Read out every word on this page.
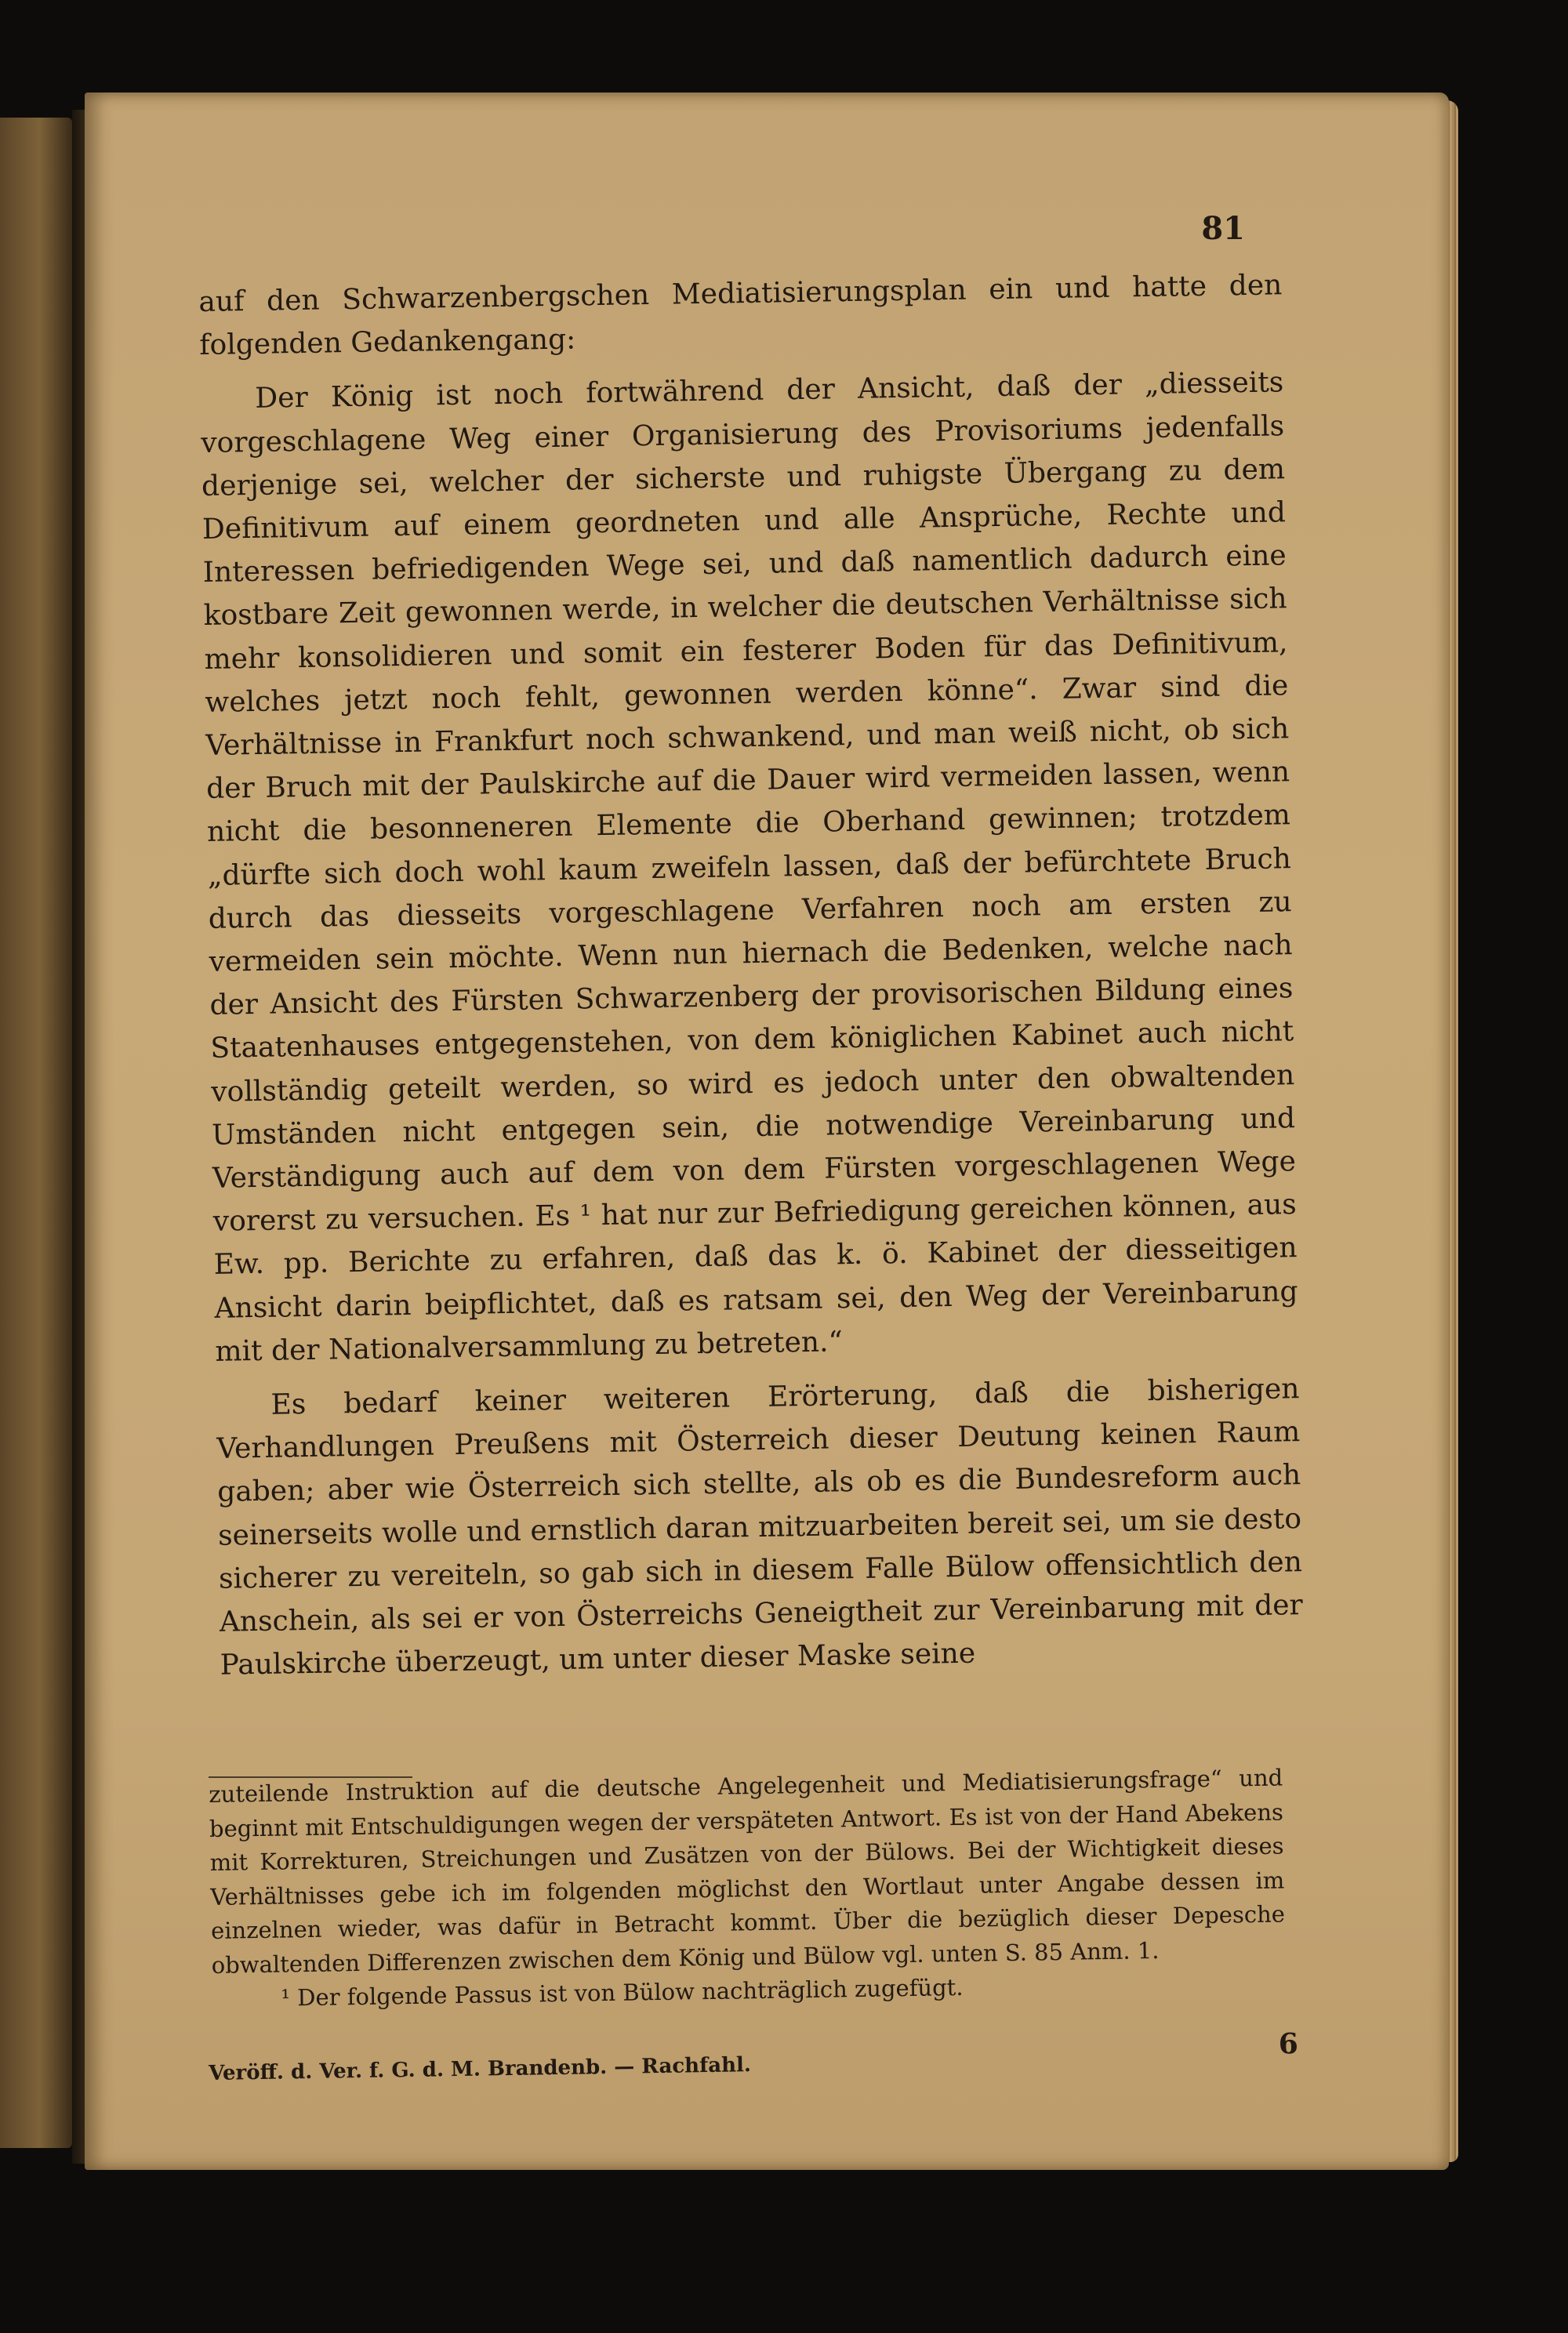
81

auf den Schwarzenbergschen Mediatisierungsplan ein und hatte den folgenden Gedankengang:

Der König ist noch fortwährend der Ansicht, daß der „diesseits vorgeschlagene Weg einer Organisierung des Provisoriums jedenfalls derjenige sei, welcher der sicherste und ruhigste Übergang zu dem Definitivum auf einem geordneten und alle Ansprüche, Rechte und Interessen befriedigenden Wege sei, und daß namentlich dadurch eine kostbare Zeit gewonnen werde, in welcher die deutschen Verhältnisse sich mehr konsolidieren und somit ein festerer Boden für das Definitivum, welches jetzt noch fehlt, gewonnen werden könne“. Zwar sind die Verhältnisse in Frankfurt noch schwankend, und man weiß nicht, ob sich der Bruch mit der Paulskirche auf die Dauer wird vermeiden lassen, wenn nicht die besonneneren Elemente die Oberhand gewinnen; trotzdem „dürfte sich doch wohl kaum zweifeln lassen, daß der befürchtete Bruch durch das diesseits vorgeschlagene Verfahren noch am ersten zu vermeiden sein möchte. Wenn nun hiernach die Bedenken, welche nach der Ansicht des Fürsten Schwarzenberg der provisorischen Bildung eines Staatenhauses entgegenstehen, von dem königlichen Kabinet auch nicht vollständig geteilt werden, so wird es jedoch unter den obwaltenden Umständen nicht entgegen sein, die notwendige Vereinbarung und Verständigung auch auf dem von dem Fürsten vorgeschlagenen Wege vorerst zu versuchen. Es ¹ hat nur zur Befriedigung gereichen können, aus Ew. pp. Berichte zu erfahren, daß das k. ö. Kabinet der diesseitigen Ansicht darin beipflichtet, daß es ratsam sei, den Weg der Vereinbarung mit der Nationalversammlung zu betreten.“

Es bedarf keiner weiteren Erörterung, daß die bisherigen Verhandlungen Preußens mit Österreich dieser Deutung keinen Raum gaben; aber wie Österreich sich stellte, als ob es die Bundesreform auch seinerseits wolle und ernstlich daran mitzuarbeiten bereit sei, um sie desto sicherer zu vereiteln, so gab sich in diesem Falle Bülow offensichtlich den Anschein, als sei er von Österreichs Geneigtheit zur Vereinbarung mit der Paulskirche überzeugt, um unter dieser Maske seine

zuteilende Instruktion auf die deutsche Angelegenheit und Mediatisierungsfrage“ und beginnt mit Entschuldigungen wegen der verspäteten Antwort. Es ist von der Hand Abekens mit Korrekturen, Streichungen und Zusätzen von der Bülows. Bei der Wichtigkeit dieses Verhältnisses gebe ich im folgenden möglichst den Wortlaut unter Angabe dessen im einzelnen wieder, was dafür in Betracht kommt. Über die bezüglich dieser Depesche obwaltenden Differenzen zwischen dem König und Bülow vgl. unten S. 85 Anm. 1.

¹ Der folgende Passus ist von Bülow nachträglich zugefügt.

Veröff. d. Ver. f. G. d. M. Brandenb. — Rachfahl.
6
